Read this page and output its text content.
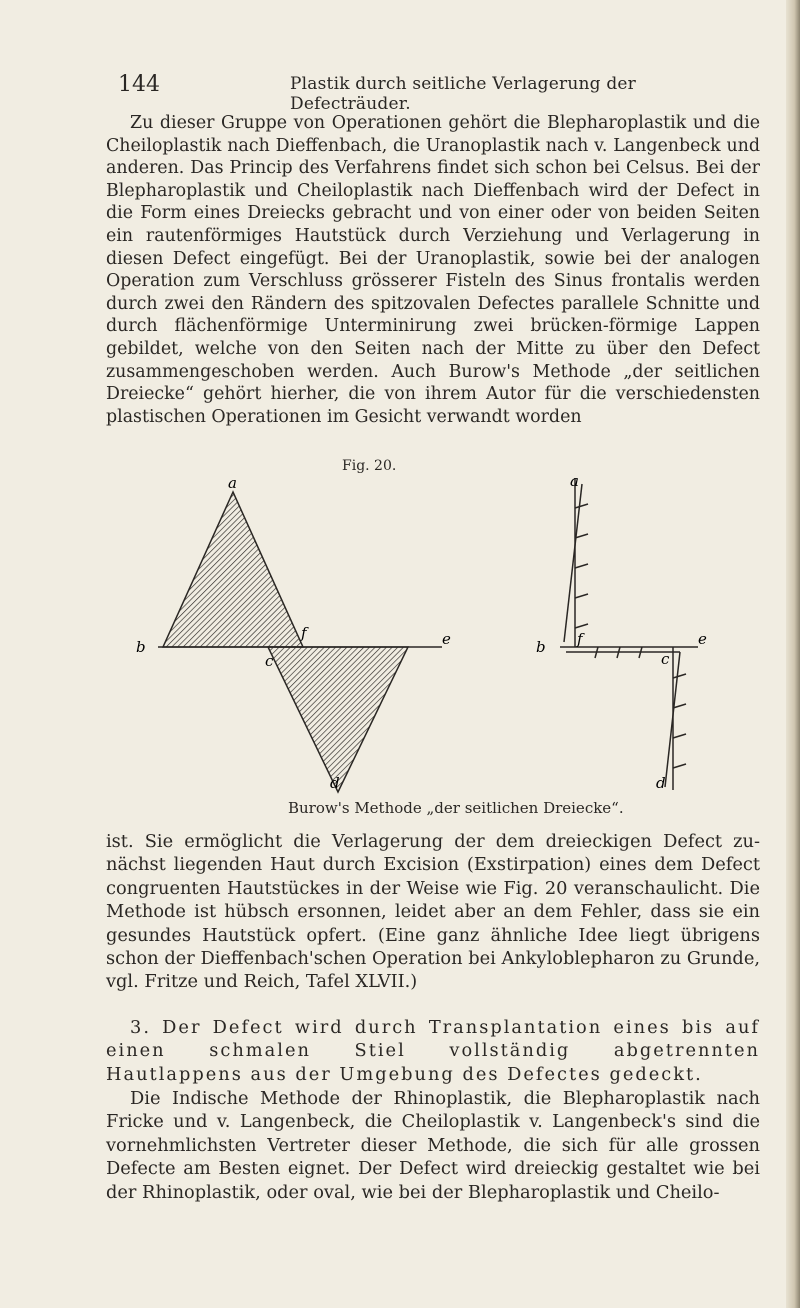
144	Plastik durch seitliche Verlagerung der Defecträuder.

Zu dieser Gruppe von Operationen gehört die Blepharoplastik und die Cheiloplastik nach Dieffenbach, die Uranoplastik nach v. Langenbeck und anderen. Das Princip des Verfahrens findet sich schon bei Celsus. Bei der Blepharoplastik und Cheiloplastik nach Dieffenbach wird der Defect in die Form eines Dreiecks gebracht und von einer oder von beiden Seiten ein rautenförmiges Hautstück durch Verziehung und Verlagerung in diesen Defect eingefügt. Bei der Uranoplastik, sowie bei der analogen Operation zum Verschluss grösserer Fisteln des Sinus frontalis werden durch zwei den Rändern des spitzovalen Defectes parallele Schnitte und durch flächenförmige Unterminirung zwei brücken-förmige Lappen gebildet, welche von den Seiten nach der Mitte zu über den Defect zusammengeschoben werden. Auch Burow's Methode „der seitlichen Dreiecke“ gehört hierher, die von ihrem Autor für die verschiedensten plastischen Operationen im Gesicht verwandt worden

Fig. 20.
a
b
f
c
e
d
a
b f
c
e
d
Burow's Methode „der seitlichen Dreiecke“.

ist. Sie ermöglicht die Verlagerung der dem dreieckigen Defect zu-nächst liegenden Haut durch Excision (Exstirpation) eines dem Defect congruenten Hautstückes in der Weise wie Fig. 20 veranschaulicht. Die Methode ist hübsch ersonnen, leidet aber an dem Fehler, dass sie ein gesundes Hautstück opfert. (Eine ganz ähnliche Idee liegt übrigens schon der Dieffenbach'schen Operation bei Ankyloblepharon zu Grunde, vgl. Fritze und Reich, Tafel XLVII.)

3. Der Defect wird durch Transplantation eines bis auf einen schmalen Stiel vollständig abgetrennten Hautlappens aus der Umgebung des Defectes gedeckt.

Die Indische Methode der Rhinoplastik, die Blepharoplastik nach Fricke und v. Langenbeck, die Cheiloplastik v. Langenbeck's sind die vornehmlichsten Vertreter dieser Methode, die sich für alle grossen Defecte am Besten eignet. Der Defect wird dreieckig gestaltet wie bei der Rhinoplastik, oder oval, wie bei der Blepharoplastik und Cheilo-
